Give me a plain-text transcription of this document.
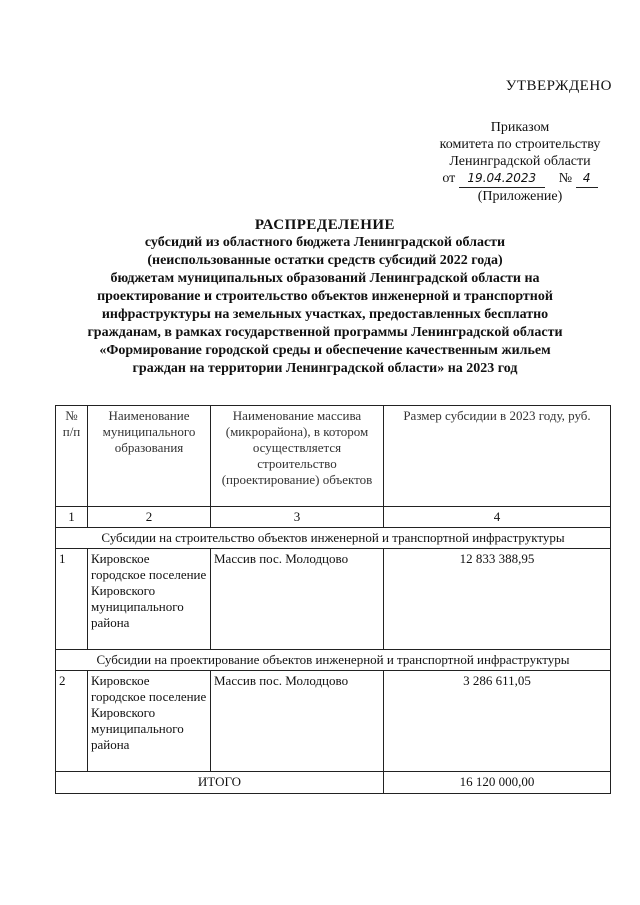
УТВЕРЖДЕНО
Приказом
комитета по строительству
Ленинградской области
от 19.04.2023 № 4
(Приложение)
РАСПРЕДЕЛЕНИЕ
субсидий из областного бюджета Ленинградской области
(неиспользованные остатки средств субсидий 2022 года)
бюджетам муниципальных образований Ленинградской области на
проектирование и строительство объектов инженерной и транспортной
инфраструктуры на земельных участках, предоставленных бесплатно
гражданам, в рамках государственной программы Ленинградской области
«Формирование городской среды и обеспечение качественным жильем
граждан на территории Ленинградской области» на 2023 год
№ п/п	Наименование муниципального образования	Наименование массива (микрорайона), в котором осуществляется строительство (проектирование) объектов	Размер субсидии в 2023 году, руб.
1	2	3	4
Субсидии на строительство объектов инженерной и транспортной инфраструктуры			
1	Кировское городское поселение Кировского муниципального района	Массив пос. Молодцово	12 833 388,95
Субсидии на проектирование объектов инженерной и транспортной инфраструктуры			
2	Кировское городское поселение Кировского муниципального района	Массив пос. Молодцово	3 286 611,05
ИТОГО			16 120 000,00
